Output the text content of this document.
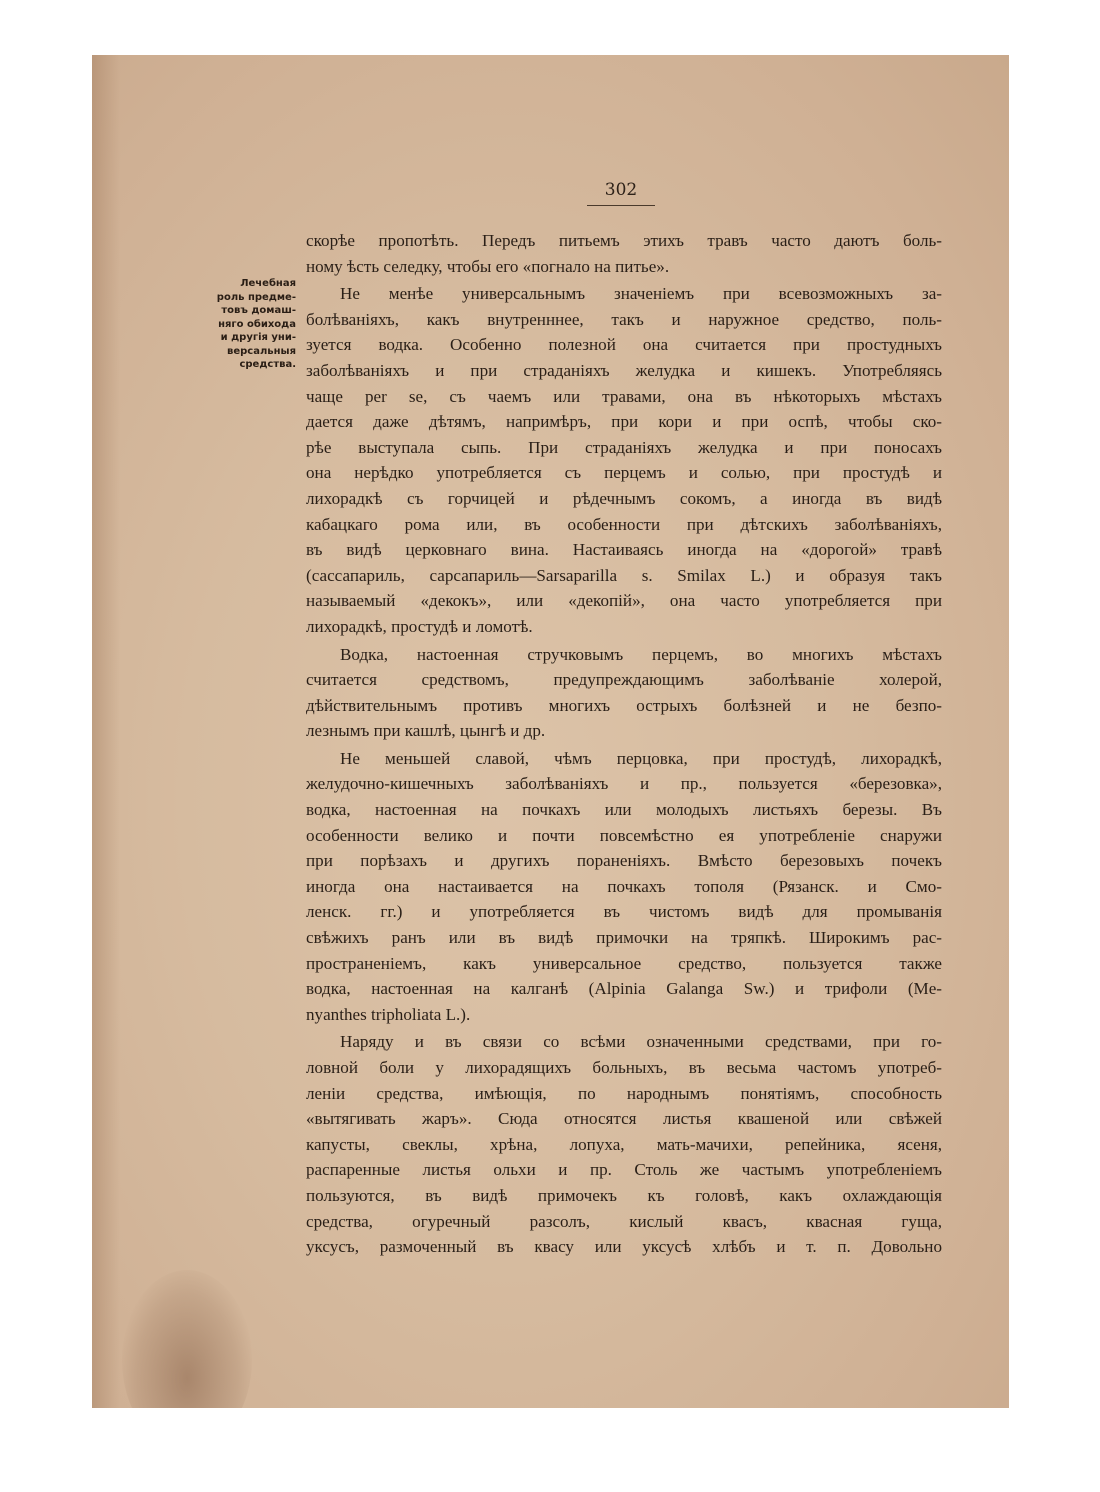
302
Лечебная
роль предме-
товъ домаш-
няго обихода
и другія уни-
версальныя
средства.
скорѣе пропотѣть. Передъ питьемъ этихъ травъ часто даютъ боль-
ному ѣсть селедку, чтобы его «погнало на питье».
Не менѣе универсальнымъ значеніемъ при всевозможныхъ за-
болѣваніяхъ, какъ внутренннее, такъ и наружное средство, поль-
зуется водка. Особенно полезной она считается при простудныхъ
заболѣваніяхъ и при страданіяхъ желудка и кишекъ. Употребляясь
чаще per se, съ чаемъ или травами, она въ нѣкоторыхъ мѣстахъ
дается даже дѣтямъ, напримѣръ, при кори и при оспѣ, чтобы ско-
рѣе выступала сыпь. При страданіяхъ желудка и при поносахъ
она нерѣдко употребляется съ перцемъ и солью, при простудѣ и
лихорадкѣ съ горчицей и рѣдечнымъ сокомъ, а иногда въ видѣ
кабацкаго рома или, въ особенности при дѣтскихъ заболѣваніяхъ,
въ видѣ церковнаго вина. Настаиваясь иногда на «дорогой» травѣ
(сассапариль, сарсапариль—Sarsaparilla s. Smilax L.) и образуя такъ
называемый «декокъ», или «декопій», она часто употребляется при
лихорадкѣ, простудѣ и ломотѣ.
Водка, настоенная стручковымъ перцемъ, во многихъ мѣстахъ
считается средствомъ, предупреждающимъ заболѣваніе холерой,
дѣйствительнымъ противъ многихъ острыхъ болѣзней и не безпо-
лезнымъ при кашлѣ, цынгѣ и др.
Не меньшей славой, чѣмъ перцовка, при простудѣ, лихорадкѣ,
желудочно-кишечныхъ заболѣваніяхъ и пр., пользуется «березовка»,
водка, настоенная на почкахъ или молодыхъ листьяхъ березы. Въ
особенности велико и почти повсемѣстно ея употребленіе снаружи
при порѣзахъ и другихъ пораненіяхъ. Вмѣсто березовыхъ почекъ
иногда она настаивается на почкахъ тополя (Рязанск. и Смо-
ленск. гг.) и употребляется въ чистомъ видѣ для промыванія
свѣжихъ ранъ или въ видѣ примочки на тряпкѣ. Широкимъ рас-
пространеніемъ, какъ универсальное средство, пользуется также
водка, настоенная на калганѣ (Alpinia Galanga Sw.) и трифоли (Me-
nyanthes tripholiata L.).
Наряду и въ связи со всѣми означенными средствами, при го-
ловной боли у лихорадящихъ больныхъ, въ весьма частомъ употреб-
леніи средства, имѣющія, по народнымъ понятіямъ, способность
«вытягивать жаръ». Сюда относятся листья квашеной или свѣжей
капусты, свеклы, хрѣна, лопуха, мать-мачихи, репейника, ясеня,
распаренные листья ольхи и пр. Столь же частымъ употребленіемъ
пользуются, въ видѣ примочекъ къ головѣ, какъ охлаждающія
средства, огуречный разсолъ, кислый квасъ, квасная гуща,
уксусъ, размоченный въ квасу или уксусѣ хлѣбъ и т. п. Довольно
